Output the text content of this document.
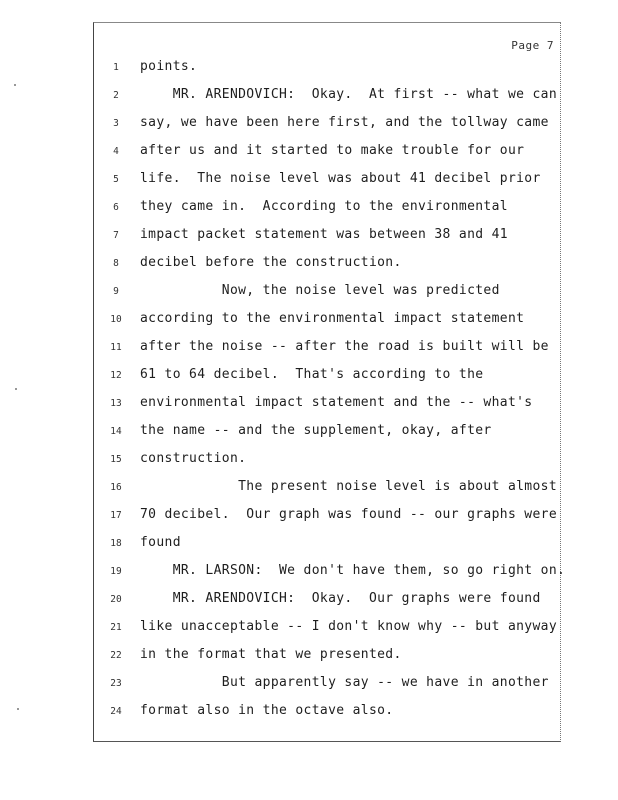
Page 7
1	points.
2	MR. ARENDOVICH:  Okay.  At first -- what we can
3	say, we have been here first, and the tollway came
4	after us and it started to make trouble for our
5	life.  The noise level was about 41 decibel prior
6	they came in.  According to the environmental
7	impact packet statement was between 38 and 41
8	decibel before the construction.
9	Now, the noise level was predicted
10	according to the environmental impact statement
11	after the noise -- after the road is built will be
12	61 to 64 decibel.  That's according to the
13	environmental impact statement and the -- what's
14	the name -- and the supplement, okay, after
15	construction.
16	The present noise level is about almost
17	70 decibel.  Our graph was found -- our graphs were
18	found
19	MR. LARSON:  We don't have them, so go right on.
20	MR. ARENDOVICH:  Okay.  Our graphs were found
21	like unacceptable -- I don't know why -- but anyway
22	in the format that we presented.
23	But apparently say -- we have in another
24	format also in the octave also.
